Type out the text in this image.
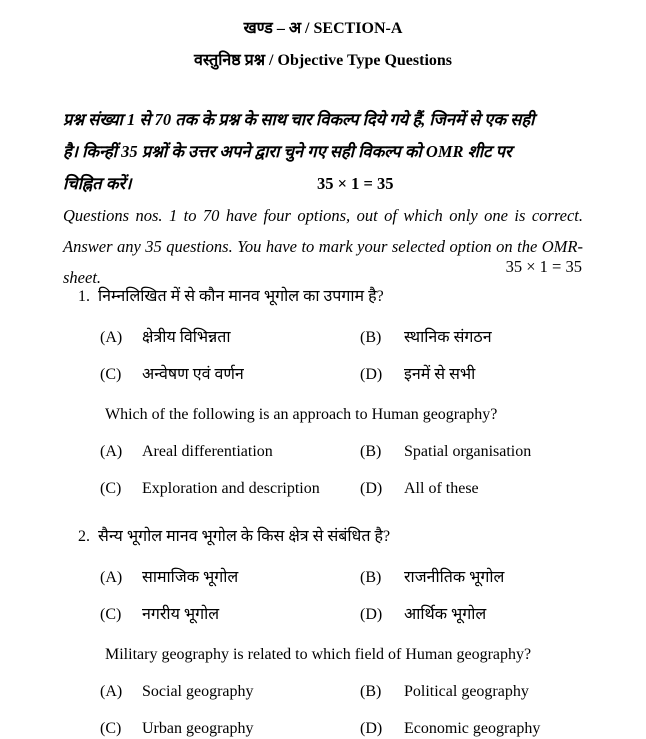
खण्ड – अ / SECTION-A
वस्तुनिष्ठ प्रश्न / Objective Type Questions
प्रश्न संख्या 1 से 70 तक के प्रश्न के साथ चार विकल्प दिये गये हैं, जिनमें से एक सही
है। किन्हीं 35 प्रश्नों के उत्तर अपने द्वारा चुने गए सही विकल्प को OMR शीट पर
चिह्नित करें।	35 × 1 = 35
Questions nos. 1 to 70 have four options, out of which only one is correct. Answer any 35 questions. You have to mark your selected option on the OMR-sheet.
35 × 1 = 35
1. निम्नलिखित में से कौन मानव भूगोल का उपगाम है?
(A)	क्षेत्रीय विभिन्नता	(B)	स्थानिक संगठन
(C)	अन्वेषण एवं वर्णन	(D)	इनमें से सभी
Which of the following is an approach to Human geography?
(A)	Areal differentiation	(B)	Spatial organisation
(C)	Exploration and description	(D)	All of these
2. सैन्य भूगोल मानव भूगोल के किस क्षेत्र से संबंधित है?
(A)	सामाजिक भूगोल	(B)	राजनीतिक भूगोल
(C)	नगरीय भूगोल	(D)	आर्थिक भूगोल
Military geography is related to which field of Human geography?
(A)	Social geography	(B)	Political geography
(C)	Urban geography	(D)	Economic geography
